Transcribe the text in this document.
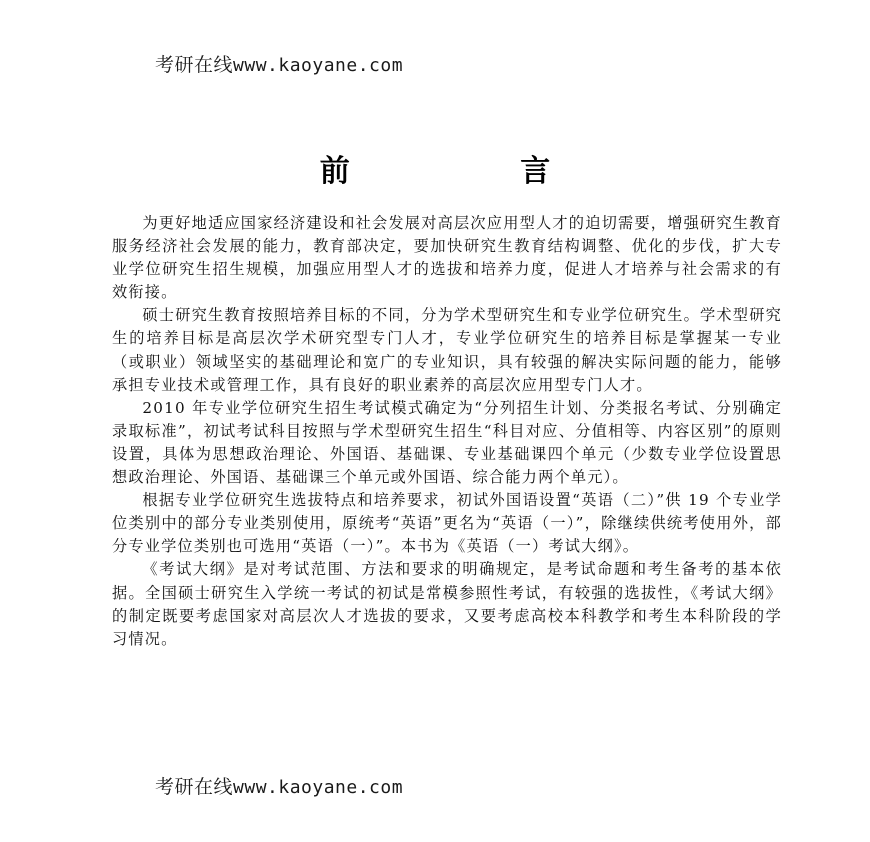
考研在线www.kaoyane.com
前 言

为更好地适应国家经济建设和社会发展对高层次应用型人才的迫切需要，增强研究生教育服务经济社会发展的能力，教育部决定，要加快研究生教育结构调整、优化的步伐，扩大专业学位研究生招生规模，加强应用型人才的选拔和培养力度，促进人才培养与社会需求的有效衔接。

硕士研究生教育按照培养目标的不同，分为学术型研究生和专业学位研究生。学术型研究生的培养目标是高层次学术研究型专门人才，专业学位研究生的培养目标是掌握某一专业（或职业）领域坚实的基础理论和宽广的专业知识，具有较强的解决实际问题的能力，能够承担专业技术或管理工作，具有良好的职业素养的高层次应用型专门人才。

2010 年专业学位研究生招生考试模式确定为“分列招生计划、分类报名考试、分别确定录取标准”，初试考试科目按照与学术型研究生招生“科目对应、分值相等、内容区别”的原则设置，具体为思想政治理论、外国语、基础课、专业基础课四个单元（少数专业学位设置思想政治理论、外国语、基础课三个单元或外国语、综合能力两个单元）。

根据专业学位研究生选拔特点和培养要求，初试外国语设置“英语（二）”供 19 个专业学位类别中的部分专业类别使用，原统考“英语”更名为“英语（一）”，除继续供统考使用外，部分专业学位类别也可选用“英语（一）”。本书为《英语（一）考试大纲》。

《考试大纲》是对考试范围、方法和要求的明确规定，是考试命题和考生备考的基本依据。全国硕士研究生入学统一考试的初试是常模参照性考试，有较强的选拔性，《考试大纲》的制定既要考虑国家对高层次人才选拔的要求，又要考虑高校本科教学和考生本科阶段的学习情况。

考研在线www.kaoyane.com
